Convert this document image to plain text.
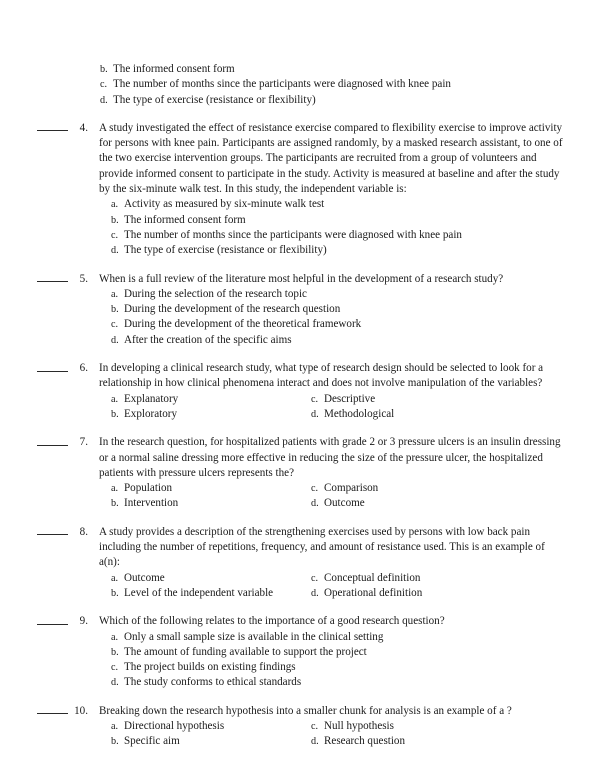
b. The informed consent form
c. The number of months since the participants were diagnosed with knee pain
d. The type of exercise (resistance or flexibility)
4. A study investigated the effect of resistance exercise compared to flexibility exercise to improve activity for persons with knee pain. Participants are assigned randomly, by a masked research assistant, to one of the two exercise intervention groups. The participants are recruited from a group of volunteers and provide informed consent to participate in the study. Activity is measured at baseline and after the study by the six-minute walk test. In this study, the independent variable is:

a. Activity as measured by six-minute walk test
b. The informed consent form
c. The number of months since the participants were diagnosed with knee pain
d. The type of exercise (resistance or flexibility)
5. When is a full review of the literature most helpful in the development of a research study?

a. During the selection of the research topic
b. During the development of the research question
c. During the development of the theoretical framework
d. After the creation of the specific aims
6. In developing a clinical research study, what type of research design should be selected to look for a relationship in how clinical phenomena interact and does not involve manipulation of the variables?

a. Explanatory	c. Descriptive
b. Exploratory	d. Methodological
7. In the research question, for hospitalized patients with grade 2 or 3 pressure ulcers is an insulin dressing or a normal saline dressing more effective in reducing the size of the pressure ulcer, the hospitalized patients with pressure ulcers represents the?

a. Population	c. Comparison
b. Intervention	d. Outcome
8. A study provides a description of the strengthening exercises used by persons with low back pain including the number of repetitions, frequency, and amount of resistance used. This is an example of a(n):

a. Outcome	c. Conceptual definition
b. Level of the independent variable	d. Operational definition
9. Which of the following relates to the importance of a good research question?

a. Only a small sample size is available in the clinical setting
b. The amount of funding available to support the project
c. The project builds on existing findings
d. The study conforms to ethical standards
10. Breaking down the research hypothesis into a smaller chunk for analysis is an example of a ?

a. Directional hypothesis	c. Null hypothesis
b. Specific aim	d. Research question
